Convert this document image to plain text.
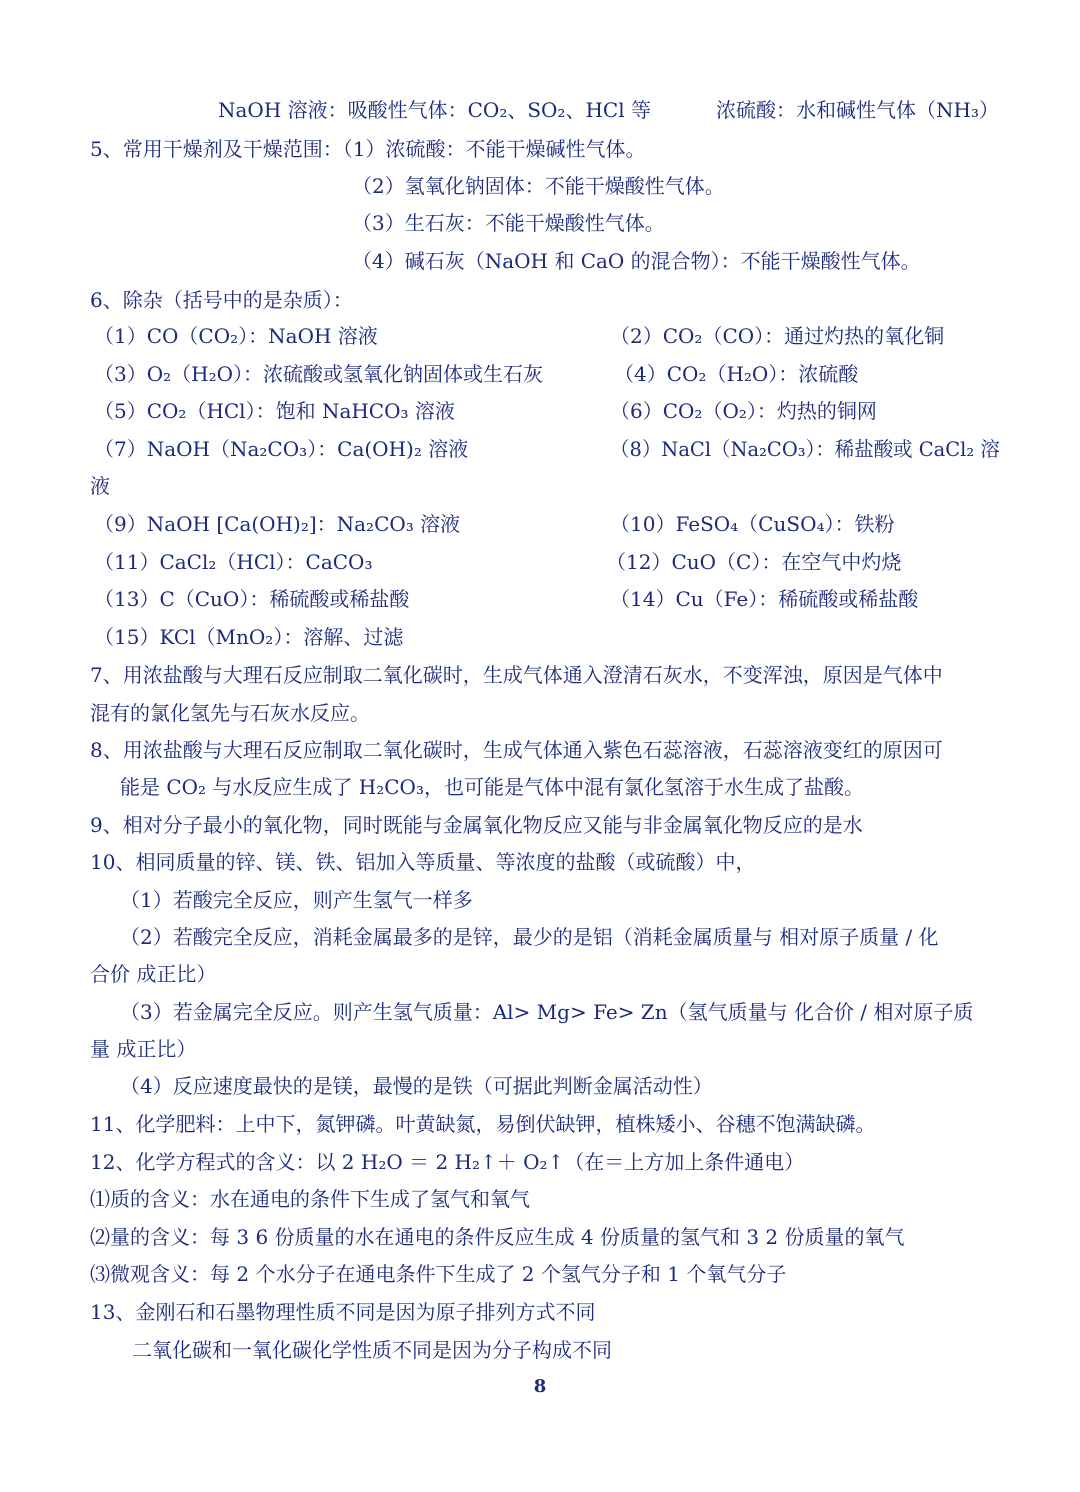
NaOH 溶液：吸酸性气体：CO₂、SO₂、HCl 等	浓硫酸：水和碱性气体（NH₃）
5、常用干燥剂及干燥范围：（1）浓硫酸：不能干燥碱性气体。
（2）氢氧化钠固体：不能干燥酸性气体。
（3）生石灰：不能干燥酸性气体。
（4）碱石灰（NaOH 和 CaO 的混合物）：不能干燥酸性气体。
6、除杂（括号中的是杂质）：
（1）CO（CO₂）：NaOH 溶液	（2）CO₂（CO）：通过灼热的氧化铜
（3）O₂（H₂O）：浓硫酸或氢氧化钠固体或生石灰	（4）CO₂（H₂O）：浓硫酸
（5）CO₂（HCl）：饱和 NaHCO₃ 溶液	（6）CO₂（O₂）：灼热的铜网
（7）NaOH（Na₂CO₃）：Ca(OH)₂ 溶液	（8）NaCl（Na₂CO₃）：稀盐酸或 CaCl₂ 溶
液
（9）NaOH [Ca(OH)₂]：Na₂CO₃ 溶液	（10）FeSO₄（CuSO₄）：铁粉
（11）CaCl₂（HCl）：CaCO₃	（12）CuO（C）：在空气中灼烧
（13）C（CuO）：稀硫酸或稀盐酸	（14）Cu（Fe）：稀硫酸或稀盐酸
（15）KCl（MnO₂）：溶解、过滤
7、用浓盐酸与大理石反应制取二氧化碳时，生成气体通入澄清石灰水，不变浑浊，原因是气体中
混有的氯化氢先与石灰水反应。
8、用浓盐酸与大理石反应制取二氧化碳时，生成气体通入紫色石蕊溶液，石蕊溶液变红的原因可
能是 CO₂ 与水反应生成了 H₂CO₃，也可能是气体中混有氯化氢溶于水生成了盐酸。
9、相对分子最小的氧化物，同时既能与金属氧化物反应又能与非金属氧化物反应的是水
10、相同质量的锌、镁、铁、铝加入等质量、等浓度的盐酸（或硫酸）中，
（1）若酸完全反应，则产生氢气一样多
（2）若酸完全反应，消耗金属最多的是锌，最少的是铝（消耗金属质量与 相对原子质量 / 化
合价 成正比）
（3）若金属完全反应。则产生氢气质量：Al> Mg> Fe> Zn（氢气质量与 化合价 / 相对原子质
量 成正比）
（4）反应速度最快的是镁，最慢的是铁（可据此判断金属活动性）
11、化学肥料：上中下，氮钾磷。叶黄缺氮，易倒伏缺钾，植株矮小、谷穗不饱满缺磷。
12、化学方程式的含义：以 2 H₂O ＝ 2 H₂↑＋ O₂↑（在＝上方加上条件通电）
⑴质的含义：水在通电的条件下生成了氢气和氧气
⑵量的含义：每 3 6 份质量的水在通电的条件反应生成 4 份质量的氢气和 3 2 份质量的氧气
⑶微观含义：每 2 个水分子在通电条件下生成了 2 个氢气分子和 1 个氧气分子
13、金刚石和石墨物理性质不同是因为原子排列方式不同
二氧化碳和一氧化碳化学性质不同是因为分子构成不同
8
